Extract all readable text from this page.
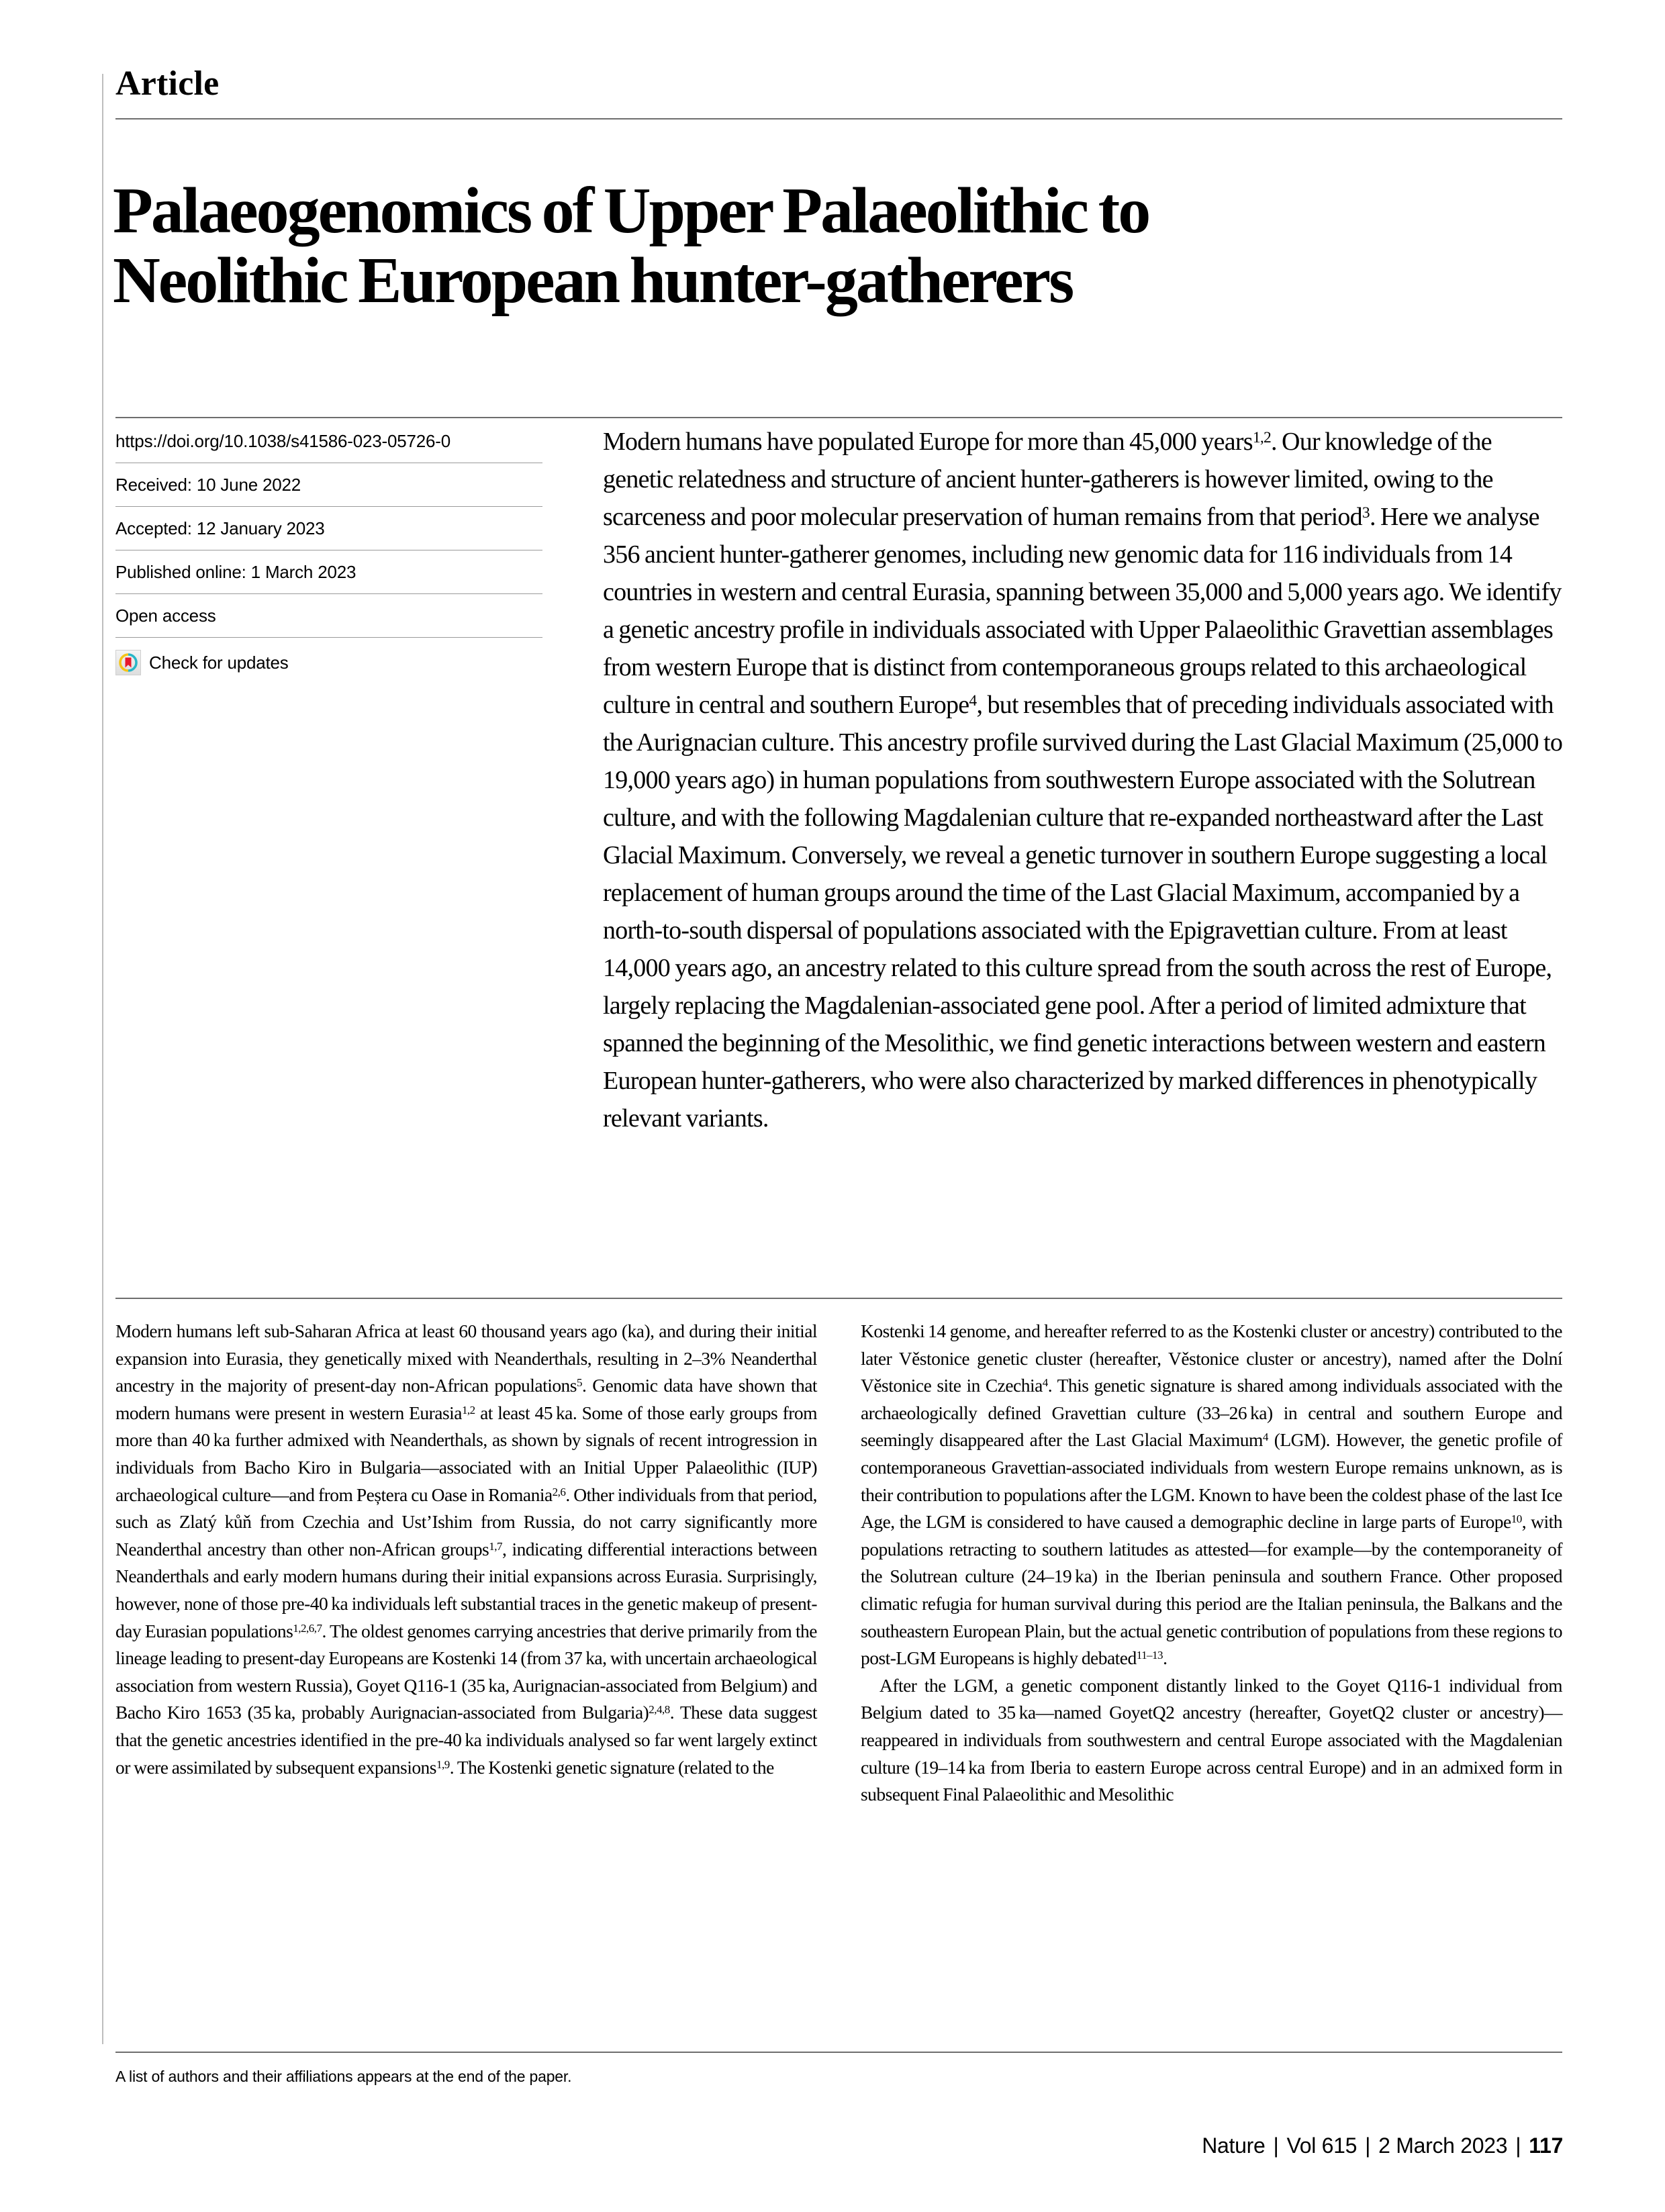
Article
Palaeogenomics of Upper Palaeolithic to
Neolithic European hunter-gatherers
https://doi.org/10.1038/s41586-023-05726-0
Received: 10 June 2022
Accepted: 12 January 2023
Published online: 1 March 2023
Open access
Check for updates
Modern humans have populated Europe for more than 45,000 years$^{1,2}$. Our knowledge of the genetic relatedness and structure of ancient hunter-gatherers is however limited, owing to the scarceness and poor molecular preservation of human remains from that period$^3$. Here we analyse 356 ancient hunter-gatherer genomes, including new genomic data for 116 individuals from 14 countries in western and central Eurasia, spanning between 35,000 and 5,000 years ago. We identify a genetic ancestry profile in individuals associated with Upper Palaeolithic Gravettian assemblages from western Europe that is distinct from contemporaneous groups related to this archaeological culture in central and southern Europe$^4$, but resembles that of preceding individuals associated with the Aurignacian culture. This ancestry profile survived during the Last Glacial Maximum (25,000 to 19,000 years ago) in human populations from southwestern Europe associated with the Solutrean culture, and with the following Magdalenian culture that re-expanded northeastward after the Last Glacial Maximum. Conversely, we reveal a genetic turnover in southern Europe suggesting a local replacement of human groups around the time of the Last Glacial Maximum, accompanied by a north-to-south dispersal of populations associated with the Epigravettian culture. From at least 14,000 years ago, an ancestry related to this culture spread from the south across the rest of Europe, largely replacing the Magdalenian-associated gene pool. After a period of limited admixture that spanned the beginning of the Mesolithic, we find genetic interactions between western and eastern European hunter-gatherers, who were also characterized by marked differences in phenotypically relevant variants.

Modern humans left sub-Saharan Africa at least 60 thousand years ago (ka), and during their initial expansion into Eurasia, they genetically mixed with Neanderthals, resulting in 2–3% Neanderthal ancestry in the majority of present-day non-African populations$^5$. Genomic data have shown that modern humans were present in western Eurasia$^{1,2}$ at least 45 ka. Some of those early groups from more than 40 ka further admixed with Neanderthals, as shown by signals of recent introgression in individuals from Bacho Kiro in Bulgaria—associated with an Initial Upper Palaeolithic (IUP) archaeological culture—and from Peștera cu Oase in Romania$^{2,6}$. Other individuals from that period, such as Zlatý kůň from Czechia and Ust’Ishim from Russia, do not carry significantly more Neanderthal ancestry than other non-African groups$^{1,7}$, indicating differential interactions between Neanderthals and early modern humans during their initial expansions across Eurasia. Surprisingly, however, none of those pre-40 ka individuals left substantial traces in the genetic makeup of present-day Eurasian populations$^{1,2,6,7}$. The oldest genomes carrying ancestries that derive primarily from the lineage leading to present-day Europeans are Kostenki 14 (from 37 ka, with uncertain archaeological association from western Russia), Goyet Q116-1 (35 ka, Aurignacian-associated from Belgium) and Bacho Kiro 1653 (35 ka, probably Aurignacian-associated from Bulgaria)$^{2,4,8}$. These data suggest that the genetic ancestries identified in the pre-40 ka individuals analysed so far went largely extinct or were assimilated by subsequent expansions$^{1,9}$. The Kostenki genetic signature (related to the

Kostenki 14 genome, and hereafter referred to as the Kostenki cluster or ancestry) contributed to the later Věstonice genetic cluster (hereafter, Věstonice cluster or ancestry), named after the Dolní Věstonice site in Czechia$^4$. This genetic signature is shared among individuals associated with the archaeologically defined Gravettian culture (33–26 ka) in central and southern Europe and seemingly disappeared after the Last Glacial Maximum$^4$ (LGM). However, the genetic profile of contemporaneous Gravettian-associated individuals from western Europe remains unknown, as is their contribution to populations after the LGM. Known to have been the coldest phase of the last Ice Age, the LGM is considered to have caused a demographic decline in large parts of Europe$^{10}$, with populations retracting to southern latitudes as attested—for example—by the contemporaneity of the Solutrean culture (24–19 ka) in the Iberian peninsula and southern France. Other proposed climatic refugia for human survival during this period are the Italian peninsula, the Balkans and the southeastern European Plain, but the actual genetic contribution of populations from these regions to post-LGM Europeans is highly debated$^{11-13}$.

After the LGM, a genetic component distantly linked to the Goyet Q116-1 individual from Belgium dated to 35 ka—named GoyetQ2 ancestry (hereafter, GoyetQ2 cluster or ancestry)—reappeared in individuals from southwestern and central Europe associated with the Magdalenian culture (19–14 ka from Iberia to eastern Europe across central Europe) and in an admixed form in subsequent Final Palaeolithic and Mesolithic

A list of authors and their affiliations appears at the end of the paper.
Nature | Vol 615 | 2 March 2023 | 117
